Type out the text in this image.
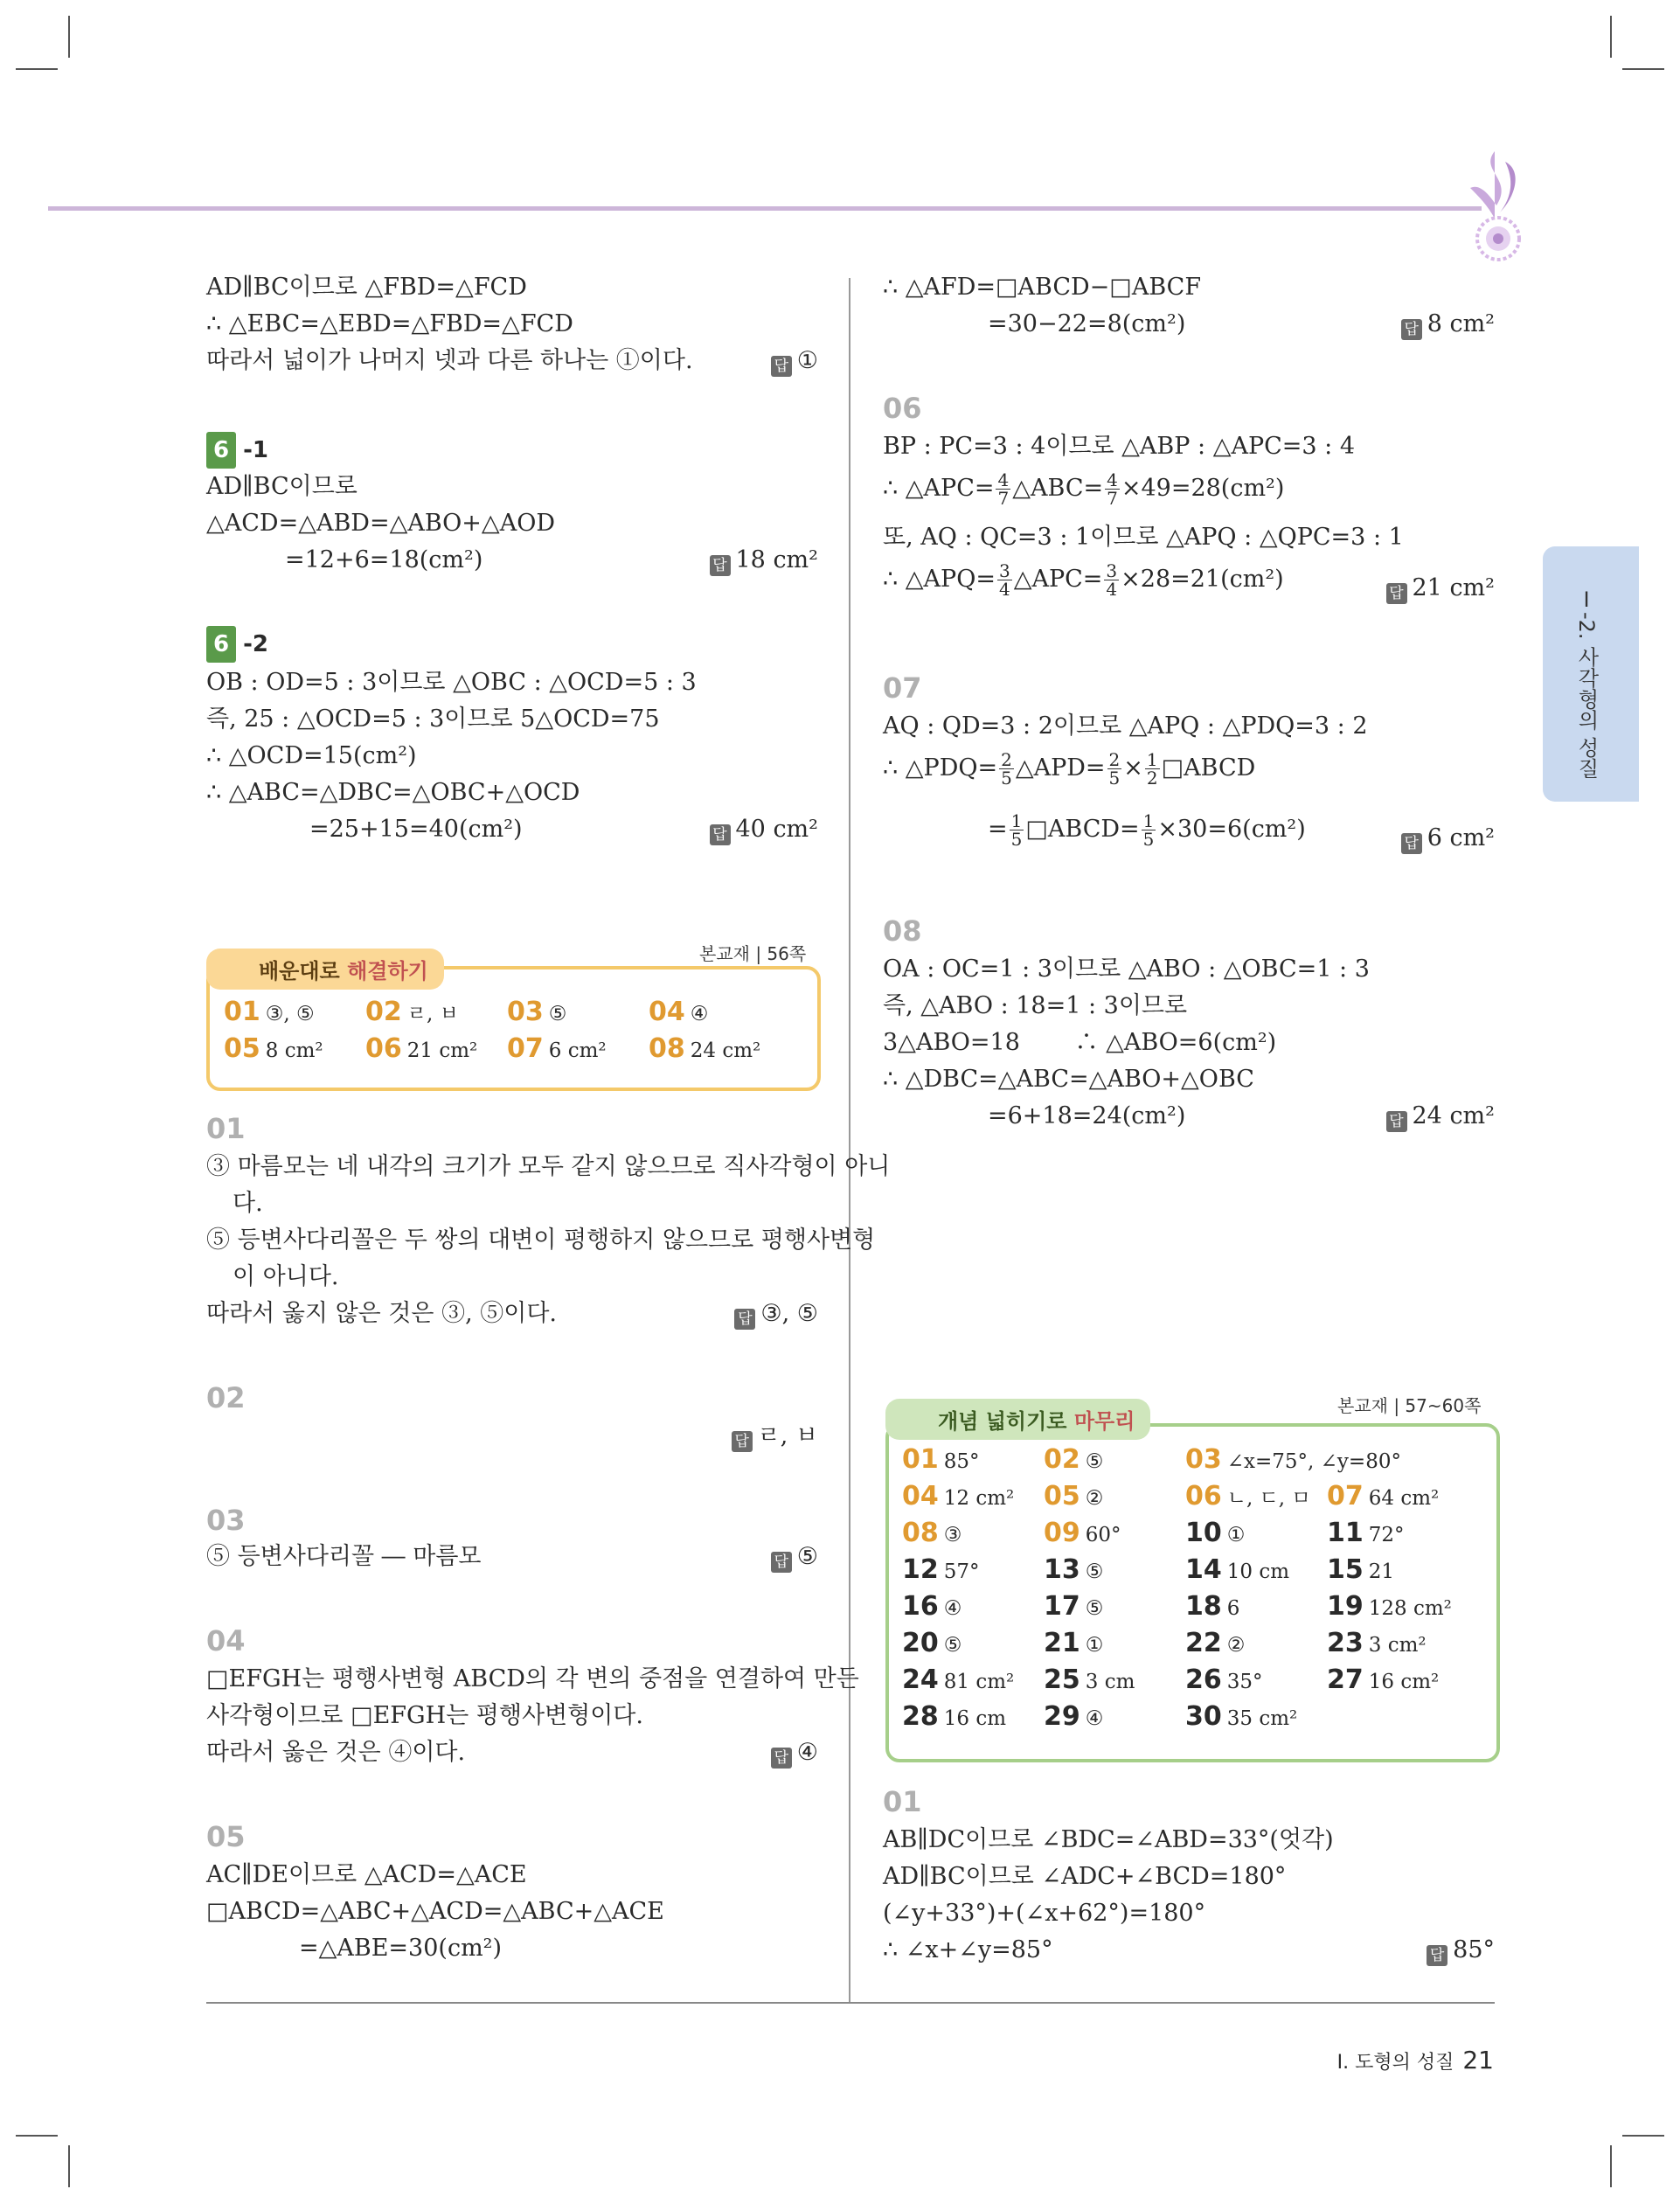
AD∥BC이므로 △FBD=△FCD
∴ △EBC=△EBD=△FBD=△FCD
따라서 넓이가 나머지 넷과 다른 하나는 ①이다.	답 ①
6 -1
AD∥BC이므로
△ACD=△ABD=△ABO+△AOD
=12+6=18(cm²)	답 18 cm²
6 -2
OB : OD=5 : 3이므로 △OBC : △OCD=5 : 3
즉, 25 : △OCD=5 : 3이므로 5△OCD=75
∴ △OCD=15(cm²)
∴ △ABC=△DBC=△OBC+△OCD
=25+15=40(cm²)	답 40 cm²
배운대로 해결하기
본교재 | 56쪽
01 ③, ⑤ 02 ㄹ, ㅂ 03 ⑤	04 ④
05 8 cm² 06 21 cm² 07 6 cm² 08 24 cm²
01
③ 마름모는 네 내각의 크기가 모두 같지 않으므로 직사각형이 아니
다.
⑤ 등변사다리꼴은 두 쌍의 대변이 평행하지 않으므로 평행사변형
이 아니다.
따라서 옳지 않은 것은 ③, ⑤이다.	답 ③, ⑤
02
답 ㄹ, ㅂ
03
⑤ 등변사다리꼴 ― 마름모	답 ⑤
04
□EFGH는 평행사변형 ABCD의 각 변의 중점을 연결하여 만든
사각형이므로 □EFGH는 평행사변형이다.
따라서 옳은 것은 ④이다.	답 ④
05
AC∥DE이므로 △ACD=△ACE
□ABCD=△ABC+△ACD=△ABC+△ACE
=△ABE=30(cm²)
∴ △AFD=□ABCD−□ABCF
=30−22=8(cm²)	답 8 cm²
06
BP : PC=3 : 4이므로 △ABP : △APC=3 : 4
∴ △APC= $\frac{4}{7}$ △ABC= $\frac{4}{7} \times 49=28(cm^2)$
또, AQ : QC=3 : 1이므로 △APQ : △QPC=3 : 1
∴ △APQ= $\frac{3}{4}$ △APC= $\frac{3}{4} \times 28=21(cm^2)$
답 21 cm²
07
AQ : QD=3 : 2이므로 △APQ : △PDQ=3 : 2
∴ △PDQ= $\frac{2}{5}$ △APD= $\frac{2}{5} \times \frac{1}{2}$ □ABCD
= $\frac{1}{5}$ □ABCD= $\frac{1}{5} \times 30=6(cm^2)$
답 6 cm²
08
OA : OC=1 : 3이므로 △ABO : △OBC=1 : 3
즉, △ABO : 18=1 : 3이므로
3△ABO=18 　　∴ △ABO=6(cm²)
∴ △DBC=△ABC=△ABO+△OBC
=6+18=24(cm²)	답 24 cm²
개념 넓히기로 마무리
본교재 | 57~60쪽
01 85° 02 ⑤	03 ∠x=75°, ∠y=80°
04 12 cm² 05 ②	06 ㄴ, ㄷ, ㅁ 07 64 cm²
08 ③	09 60° 10 ①	11 72°
12 57° 13 ⑤	14 10 cm 15 21
16 ④	17 ⑤	18 6	19 128 cm²
20 ⑤	21 ①	22 ②	23 3 cm²
24 81 cm² 25 3 cm 26 35° 27 16 cm²
28 16 cm 29 ④	30 35 cm²
01
AB∥DC이므로 ∠BDC=∠ABD=33°(엇각)
AD∥BC이므로 ∠ADC+∠BCD=180°
(∠y+33°)+(∠x+62°)=180°
∴ ∠x+∠y=85°	답 85°
Ⅰ-2. 사각형의 성질
Ⅰ. 도형의 성질 21
